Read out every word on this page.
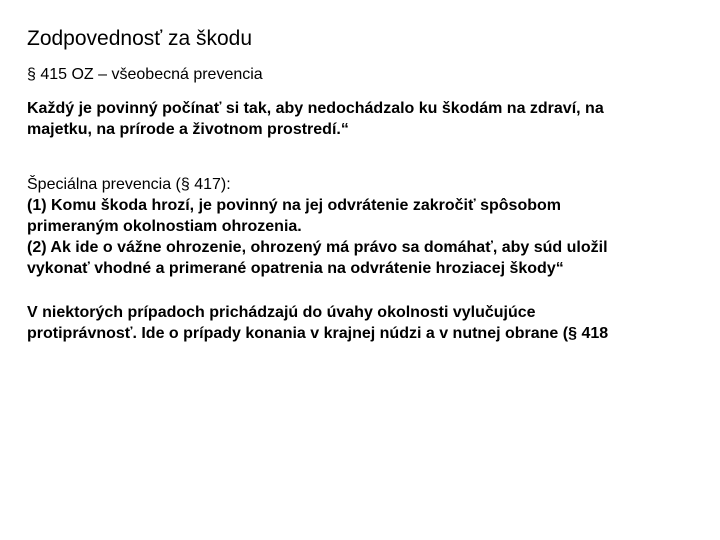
Zodpovednosť za škodu
§ 415 OZ – všeobecná prevencia
Každý je povinný počínať si tak, aby nedochádzalo ku škodám na zdraví, na
majetku, na prírode a životnom prostredí.“
Špeciálna prevencia (§ 417):
(1) Komu škoda hrozí, je povinný na jej odvrátenie zakročiť spôsobom
primeraným okolnostiam ohrozenia.
(2) Ak ide o vážne ohrozenie, ohrozený má právo sa domáhať, aby súd uložil
vykonať vhodné a primerané opatrenia na odvrátenie hroziacej škody“
V niektorých prípadoch prichádzajú do úvahy okolnosti vylučujúce
protiprávnosť. Ide o prípady konania v krajnej núdzi a v nutnej obrane (§ 418
